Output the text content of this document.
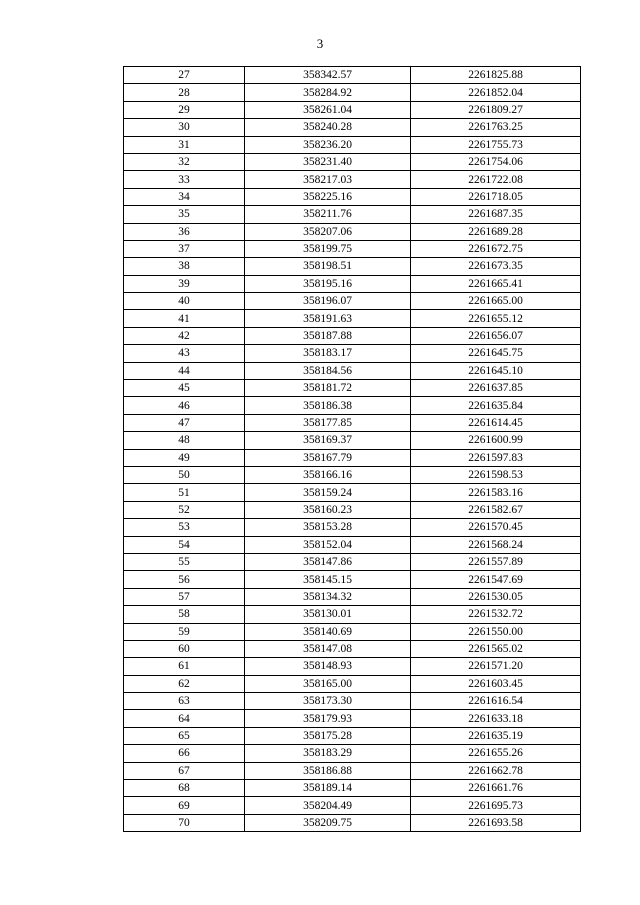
3
27	358342.57	2261825.88
28	358284.92	2261852.04
29	358261.04	2261809.27
30	358240.28	2261763.25
31	358236.20	2261755.73
32	358231.40	2261754.06
33	358217.03	2261722.08
34	358225.16	2261718.05
35	358211.76	2261687.35
36	358207.06	2261689.28
37	358199.75	2261672.75
38	358198.51	2261673.35
39	358195.16	2261665.41
40	358196.07	2261665.00
41	358191.63	2261655.12
42	358187.88	2261656.07
43	358183.17	2261645.75
44	358184.56	2261645.10
45	358181.72	2261637.85
46	358186.38	2261635.84
47	358177.85	2261614.45
48	358169.37	2261600.99
49	358167.79	2261597.83
50	358166.16	2261598.53
51	358159.24	2261583.16
52	358160.23	2261582.67
53	358153.28	2261570.45
54	358152.04	2261568.24
55	358147.86	2261557.89
56	358145.15	2261547.69
57	358134.32	2261530.05
58	358130.01	2261532.72
59	358140.69	2261550.00
60	358147.08	2261565.02
61	358148.93	2261571.20
62	358165.00	2261603.45
63	358173.30	2261616.54
64	358179.93	2261633.18
65	358175.28	2261635.19
66	358183.29	2261655.26
67	358186.88	2261662.78
68	358189.14	2261661.76
69	358204.49	2261695.73
70	358209.75	2261693.58
